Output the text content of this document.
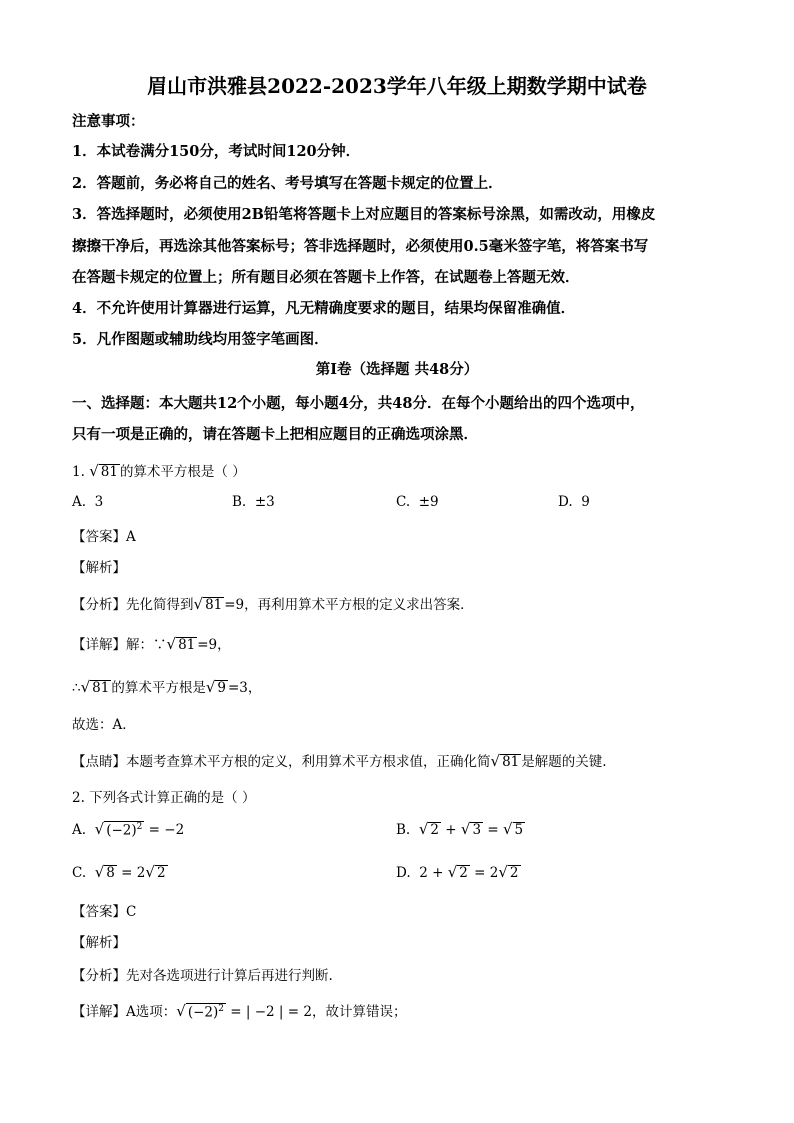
眉山市洪雅县2022-2023学年八年级上期数学期中试卷
注意事项：
1．本试卷满分150分，考试时间120分钟．
2．答题前，务必将自己的姓名、考号填写在答题卡规定的位置上．
3．答选择题时，必须使用2B铅笔将答题卡上对应题目的答案标号涂黑，如需改动，用橡皮
擦擦干净后，再选涂其他答案标号；答非选择题时，必须使用0.5毫米签字笔，将答案书写
在答题卡规定的位置上；所有题目必须在答题卡上作答，在试题卷上答题无效．
4．不允许使用计算器进行运算，凡无精确度要求的题目，结果均保留准确值．
5．凡作图题或辅助线均用签字笔画图．
第Ⅰ卷（选择题 共48分）
一、选择题：本大题共12个小题，每小题4分，共48分．在每个小题给出的四个选项中，
只有一项是正确的，请在答题卡上把相应题目的正确选项涂黑．
1. √ 81 的算术平方根是（ ）
A. 3	B. ±3	C. ±9	D. 9
【答案】A
【解析】
【分析】先化简得到√ 81 =9，再利用算术平方根的定义求出答案．
【详解】解：∵√ 81 =9，
∴√ 81 的算术平方根是√ 9 =3，
故选：A．
【点睛】本题考查算术平方根的定义，利用算术平方根求值，正确化简√ 81 是解题的关键.
2. 下列各式计算正确的是（ ）
A. √ $(-2)^2 = -2$	B. √ 2 + √ 3 = √ 5
C. √ 8 = 2√ 2	D. 2 + √ 2 = 2√ 2
【答案】C
【解析】
【分析】先对各选项进行计算后再进行判断.
【详解】A选项：√ $(-2)^2$ = | −2 | = 2，故计算错误；
